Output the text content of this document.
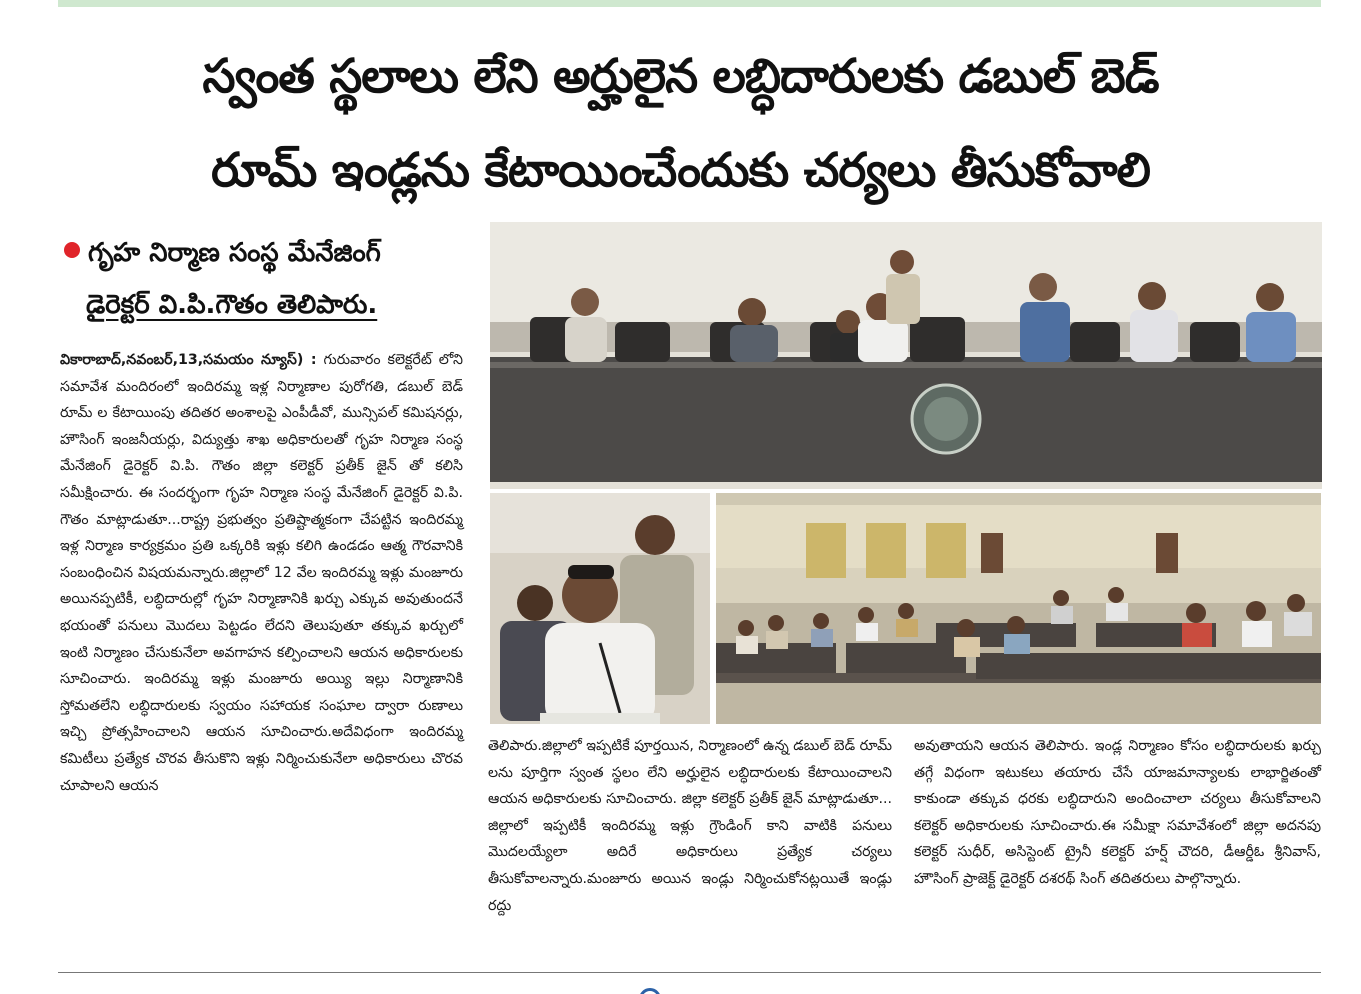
స్వంత స్థలాలు లేని అర్హులైన లబ్ధిదారులకు డబుల్ బెడ్
రూమ్ ఇండ్లను కేటాయించేందుకు చర్యలు తీసుకోవాలి
గృహ నిర్మాణ సంస్థ మేనేజింగ్
డైరెక్టర్ వి.పి.గౌతం తెలిపారు.

వికారాబాద్,నవంబర్,13,సమయం న్యూస్) : గురువారం కలెక్టరేట్ లోని సమావేశ మందిరంలో ఇందిరమ్మ ఇళ్ల నిర్మాణాల పురోగతి, డబుల్ బెడ్ రూమ్ ల కేటాయింపు తదితర అంశాలపై ఎంపీడీవో, మున్సిపల్ కమిషనర్లు, హౌసింగ్ ఇంజనీయర్లు, విద్యుత్తు శాఖ అధికారులతో గృహ నిర్మాణ సంస్థ మేనేజింగ్ డైరెక్టర్ వి.పి. గౌతం జిల్లా కలెక్టర్ ప్రతీక్ జైన్ తో కలిసి సమీక్షించారు. ఈ సందర్భంగా గృహ నిర్మాణ సంస్థ మేనేజింగ్ డైరెక్టర్ వి.పి. గౌతం మాట్లాడుతూ...రాష్ట్ర ప్రభుత్వం ప్రతిష్టాత్మకంగా చేపట్టిన ఇందిరమ్మ ఇళ్ల నిర్మాణ కార్యక్రమం ప్రతి ఒక్కరికి ఇళ్లు కలిగి ఉండడం ఆత్మ గౌరవానికి సంబంధించిన విషయమన్నారు.జిల్లాలో 12 వేల ఇందిరమ్మ ఇళ్లు మంజూరు అయినప్పటికీ, లబ్ధిదారుల్లో గృహ నిర్మాణానికి ఖర్చు ఎక్కువ అవుతుందనే భయంతో పనులు మొదలు పెట్టడం లేదని తెలుపుతూ తక్కువ ఖర్చులో ఇంటి నిర్మాణం చేసుకునేలా అవగాహన కల్పించాలని ఆయన అధికారులకు సూచించారు. ఇందిరమ్మ ఇళ్లు మంజూరు అయ్యి ఇల్లు నిర్మాణానికి స్తోమతలేని లబ్ధిదారులకు స్వయం సహాయక సంఘాల ద్వారా రుణాలు ఇచ్చి ప్రోత్సహించాలని ఆయన సూచించారు.అదేవిధంగా ఇందిరమ్మ కమిటీలు ప్రత్యేక చొరవ తీసుకొని ఇళ్లు నిర్మించుకునేలా అధికారులు చొరవ చూపాలని ఆయన

తెలిపారు.జిల్లాలో ఇప్పటికే పూర్తయిన, నిర్మాణంలో ఉన్న డబుల్ బెడ్ రూమ్ లను పూర్తిగా స్వంత స్థలం లేని అర్హులైన లబ్ధిదారులకు కేటాయించాలని ఆయన అధికారులకు సూచించారు. జిల్లా కలెక్టర్ ప్రతీక్ జైన్ మాట్లాడుతూ... జిల్లాలో ఇప్పటికీ ఇందిరమ్మ ఇళ్లు గ్రౌండింగ్ కాని వాటికి పనులు మొదలయ్యేలా అదిరే అధికారులు ప్రత్యేక చర్యలు తీసుకోవాలన్నారు.మంజూరు అయిన ఇండ్లు నిర్మించుకోనట్లయితే ఇండ్లు రద్దు

అవుతాయని ఆయన తెలిపారు. ఇండ్ల నిర్మాణం కోసం లబ్ధిదారులకు ఖర్చు తగ్గే విధంగా ఇటుకలు తయారు చేసే యాజమాన్యాలకు లాభార్జితంతో కాకుండా తక్కువ ధరకు లబ్ధిదారుని అందించాలా చర్యలు తీసుకోవాలని కలెక్టర్ అధికారులకు సూచించారు.ఈ సమీక్షా సమావేశంలో జిల్లా అదనపు కలెక్టర్ సుధీర్, అసిస్టెంట్ ట్రైనీ కలెక్టర్ హర్ష్ చౌదరి, డీఆర్డీఓ శ్రీనివాస్, హౌసింగ్ ప్రాజెక్ట్ డైరెక్టర్ దశరథ్ సింగ్ తదితరులు పాల్గొన్నారు.
